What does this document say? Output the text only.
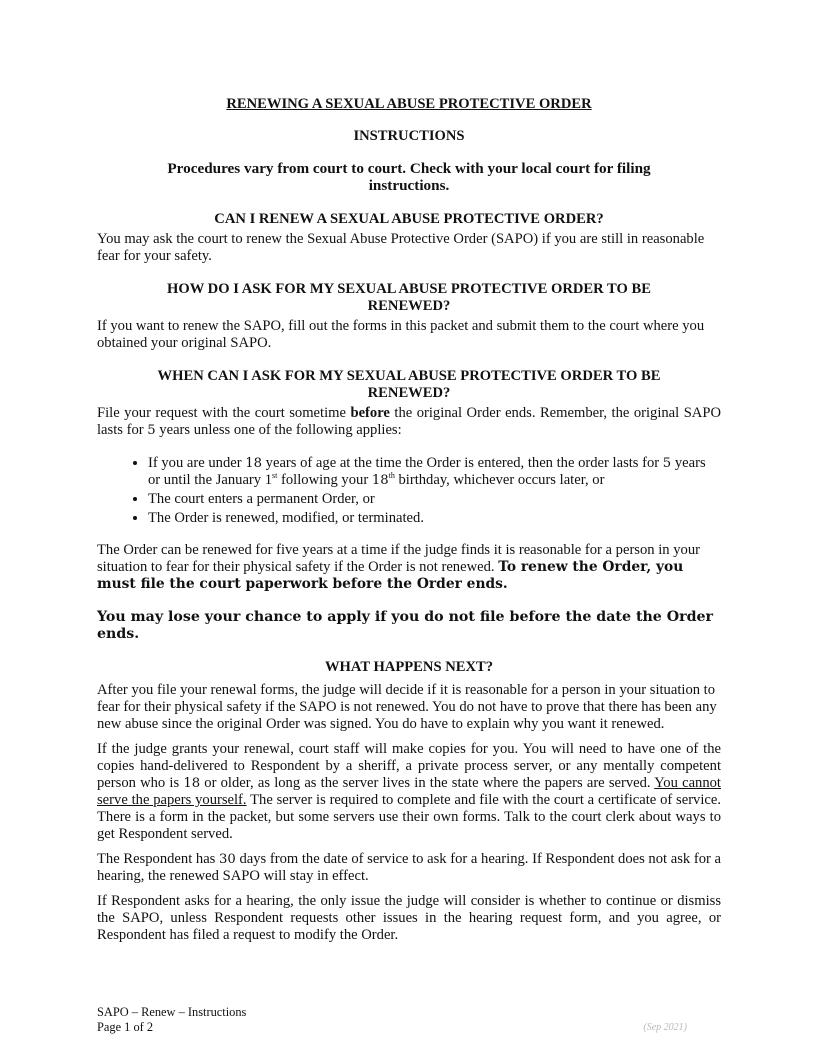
RENEWING A SEXUAL ABUSE PROTECTIVE ORDER
INSTRUCTIONS
Procedures vary from court to court. Check with your local court for filing instructions.
CAN I RENEW A SEXUAL ABUSE PROTECTIVE ORDER?

You may ask the court to renew the Sexual Abuse Protective Order (SAPO) if you are still in reasonable fear for your safety.

HOW DO I ASK FOR MY SEXUAL ABUSE PROTECTIVE ORDER TO BE RENEWED?

If you want to renew the SAPO, fill out the forms in this packet and submit them to the court where you obtained your original SAPO.

WHEN CAN I ASK FOR MY SEXUAL ABUSE PROTECTIVE ORDER TO BE RENEWED?

File your request with the court sometime before the original Order ends. Remember, the original SAPO lasts for 5 years unless one of the following applies:

• If you are under 18 years of age at the time the Order is entered, then the order lasts for 5 years or until the January 1st following your 18th birthday, whichever occurs later, or
• The court enters a permanent Order, or
• The Order is renewed, modified, or terminated.

The Order can be renewed for five years at a time if the judge finds it is reasonable for a person in your situation to fear for their physical safety if the Order is not renewed. To renew the Order, you must file the court paperwork before the Order ends.

You may lose your chance to apply if you do not file before the date the Order ends.
WHAT HAPPENS NEXT?

After you file your renewal forms, the judge will decide if it is reasonable for a person in your situation to fear for their physical safety if the SAPO is not renewed. You do not have to prove that there has been any new abuse since the original Order was signed. You do have to explain why you want it renewed.

If the judge grants your renewal, court staff will make copies for you. You will need to have one of the copies hand-delivered to Respondent by a sheriff, a private process server, or any mentally competent person who is 18 or older, as long as the server lives in the state where the papers are served. You cannot serve the papers yourself. The server is required to complete and file with the court a certificate of service. There is a form in the packet, but some servers use their own forms. Talk to the court clerk about ways to get Respondent served.

The Respondent has 30 days from the date of service to ask for a hearing. If Respondent does not ask for a hearing, the renewed SAPO will stay in effect.

If Respondent asks for a hearing, the only issue the judge will consider is whether to continue or dismiss the SAPO, unless Respondent requests other issues in the hearing request form, and you agree, or Respondent has filed a request to modify the Order.

SAPO – Renew – Instructions
Page 1 of 2	(Sep 2021)
